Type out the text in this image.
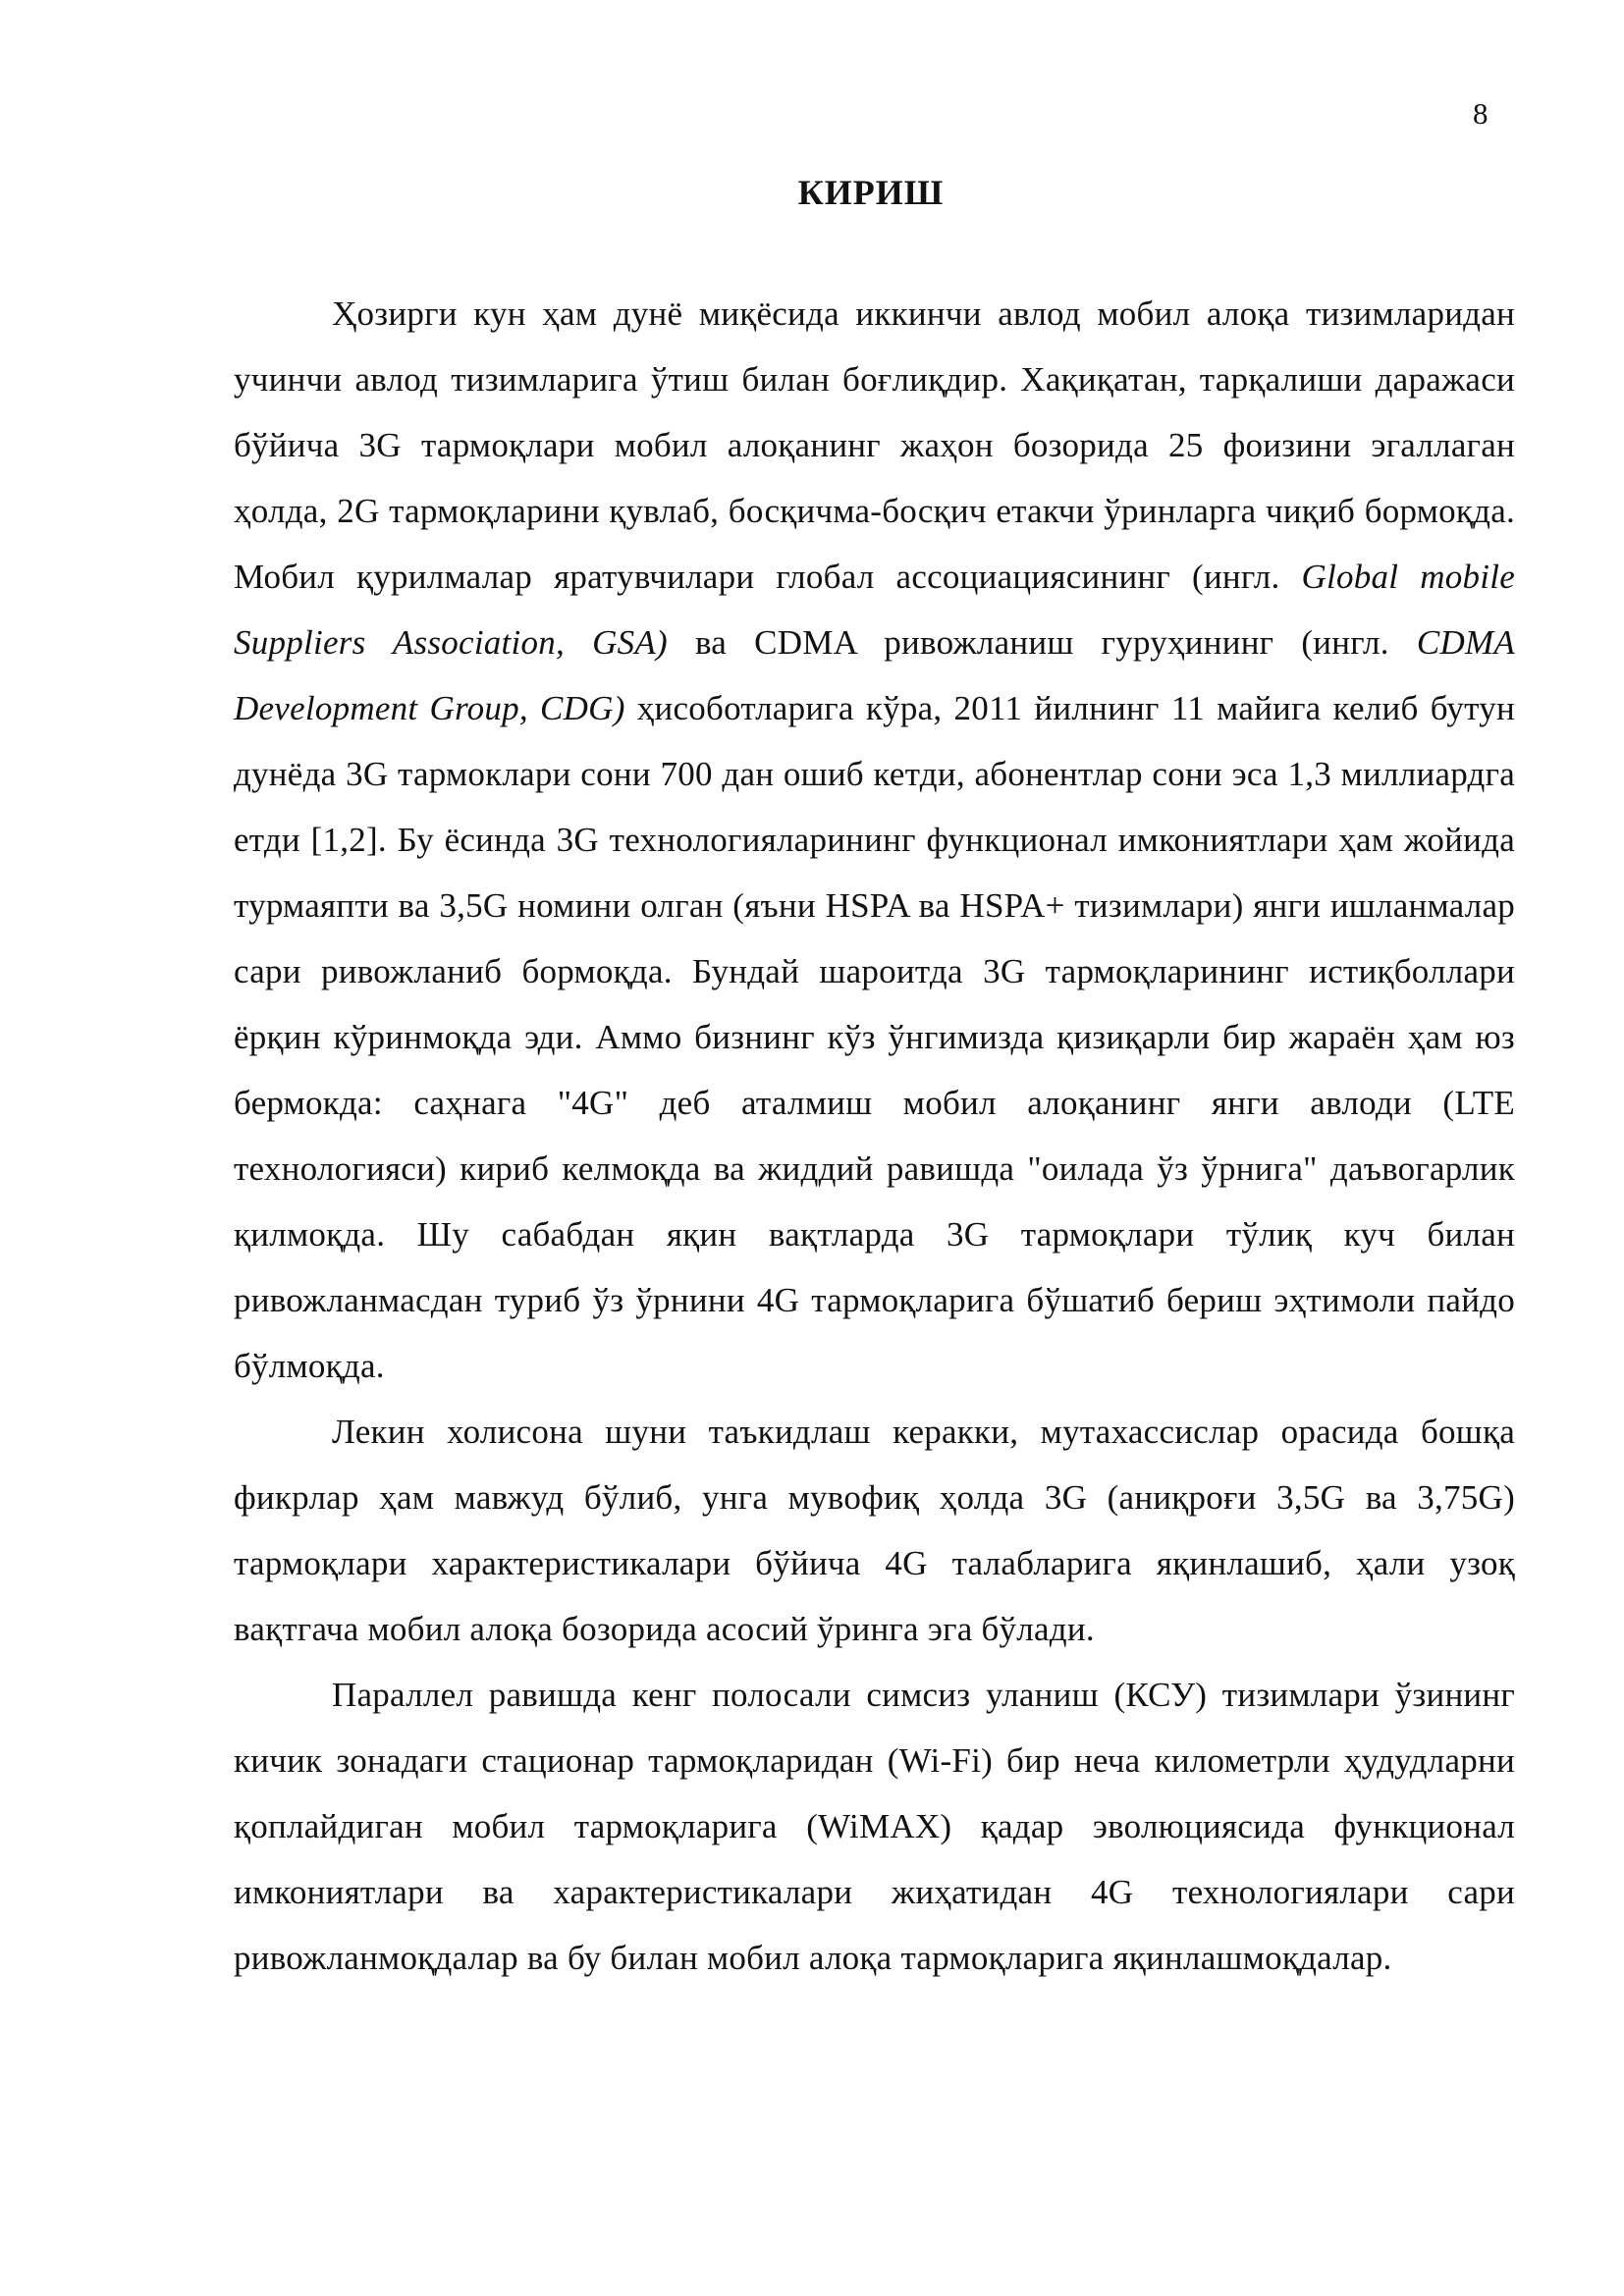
8
КИРИШ

Ҳозирги кун ҳам дунё миқёсида иккинчи авлод мобил алоқа тизимларидан учинчи авлод тизимларига ўтиш билан боғлиқдир. Хақиқатан, тарқалиши даражаси бўйича 3G тармоқлари мобил алоқанинг жаҳон бозорида 25 фоизини эгаллаган ҳолда, 2G тармоқларини қувлаб, босқичма-босқич етакчи ўринларга чиқиб бормоқда. Мобил қурилмалар яратувчилари глобал ассоциациясининг (ингл. Global mobile Suppliers Association, GSA) ва CDMA ривожланиш гуруҳининг (ингл. CDMA Development Group, CDG) ҳисоботларига кўра, 2011 йилнинг 11 майига келиб бутун дунёда 3G тармоклари сони 700 дан ошиб кетди, абонентлар сони эса 1,3 миллиардга етди [1,2]. Бу ёсинда 3G технологияларининг функционал имкониятлари ҳам жойида турмаяпти ва 3,5G номини олган (яъни HSPA ва HSPA+ тизимлари) янги ишланмалар сари ривожланиб бормоқда. Бундай шароитда 3G тармоқларининг истиқболлари ёрқин кўринмоқда эди. Аммо бизнинг кўз ўнгимизда қизиқарли бир жараён ҳам юз бермокда: саҳнага "4G" деб аталмиш мобил алоқанинг янги авлоди (LTE технологияси) кириб келмоқда ва жиддий равишда "оилада ўз ўрнига" даъвогарлик қилмоқда. Шу сабабдан яқин вақтларда 3G тармоқлари тўлиқ куч билан ривожланмасдан туриб ўз ўрнини 4G тармоқларига бўшатиб бериш эҳтимоли пайдо бўлмоқда.

Лекин холисона шуни таъкидлаш керакки, мутахассислар орасида бошқа фикрлар ҳам мавжуд бўлиб, унга мувофиқ ҳолда 3G (аниқроғи 3,5G ва 3,75G) тармоқлари характеристикалари бўйича 4G талабларига яқинлашиб, ҳали узоқ вақтгача мобил алоқа бозорида асосий ўринга эга бўлади.

Параллел равишда кенг полосали симсиз уланиш (КСУ) тизимлари ўзининг кичик зонадаги стационар тармоқларидан (Wi-Fi) бир неча километрли ҳудудларни қоплайдиган мобил тармоқларига (WiMAX) қадар эволюциясида функционал имкониятлари ва характеристикалари жиҳатидан 4G технологиялари сари ривожланмоқдалар ва бу билан мобил алоқа тармоқларига яқинлашмоқдалар.
